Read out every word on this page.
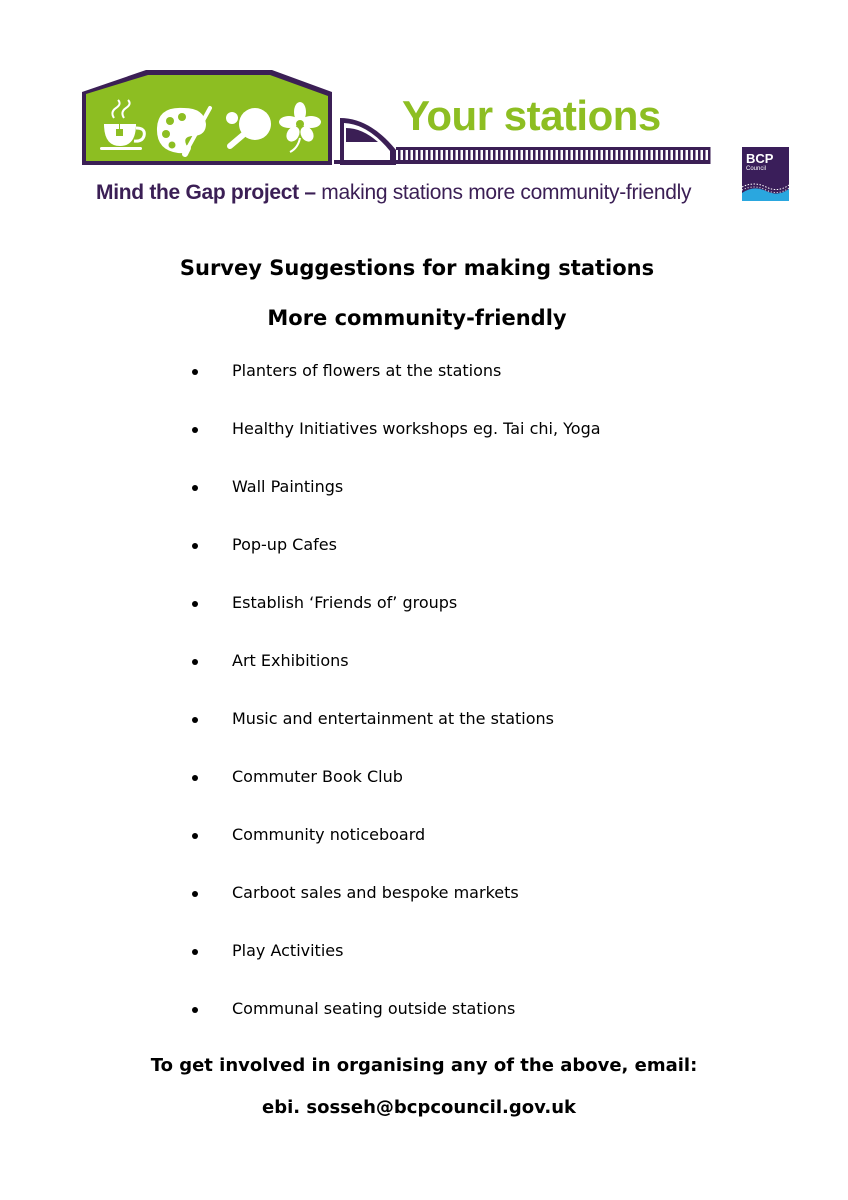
Your stations
Mind the Gap project – making stations more community-friendly
BCP
Council
Survey Suggestions for making stations
More community-friendly
Planters of flowers at the stations
Healthy Initiatives workshops eg. Tai chi, Yoga
Wall Paintings
Pop-up Cafes
Establish ‘Friends of’ groups
Art Exhibitions
Music and entertainment at the stations
Commuter Book Club
Community noticeboard
Carboot sales and bespoke markets
Play Activities
Communal seating outside stations
To get involved in organising any of the above, email:
ebi. sosseh@bcpcouncil.gov.uk
